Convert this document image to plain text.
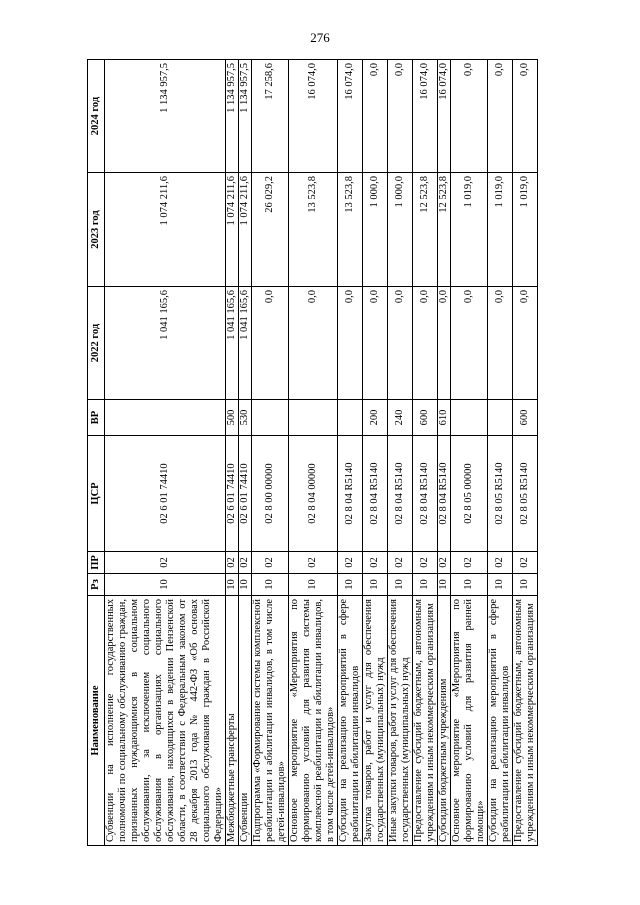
276
Наименование	Рз	ПР	ЦСР	ВР	2022 год	2023 год	2024 год
Субвенции на исполнение государственных полномочий по социальному обслуживанию граждан, признанных нуждающимися в социальном обслуживании, за исключением социального обслуживания в организациях социального обслуживания, находящихся в ведении Пензенской области, в соответствии с Федеральным законом от 28 декабря 2013 года № 442-ФЗ «Об основах социального обслуживания граждан в Российской Федерации»	10	02	02 6 01 74410		1 041 165,6	1 074 211,6	1 134 957,5
Межбюджетные трансферты	10	02	02 6 01 74410	500	1 041 165,6	1 074 211,6	1 134 957,5
Субвенции	10	02	02 6 01 74410	530	1 041 165,6	1 074 211,6	1 134 957,5
Подпрограмма «Формирование системы комплексной реабилитации и абилитации инвалидов, в том числе детей-инвалидов»	10	02	02 8 00 00000		0,0	26 029,2	17 258,6
Основное мероприятие «Мероприятия по формированию условий для развития системы комплексной реабилитации и абилитации инвалидов, в том числе детей-инвалидов»	10	02	02 8 04 00000		0,0	13 523,8	16 074,0
Субсидии на реализацию мероприятий в сфере реабилитации и абилитации инвалидов	10	02	02 8 04 R5140		0,0	13 523,8	16 074,0
Закупка товаров, работ и услуг для обеспечения государственных (муниципальных) нужд	10	02	02 8 04 R5140	200	0,0	1 000,0	0,0
Иные закупки товаров, работ и услуг для обеспечения государственных (муниципальных) нужд	10	02	02 8 04 R5140	240	0,0	1 000,0	0,0
Предоставление субсидий бюджетным, автономным учреждениям и иным некоммерческим организациям	10	02	02 8 04 R5140	600	0,0	12 523,8	16 074,0
Субсидии бюджетным учреждениям	10	02	02 8 04 R5140	610	0,0	12 523,8	16 074,0
Основное мероприятие «Мероприятия по формированию условий для развития ранней помощи»	10	02	02 8 05 00000		0,0	1 019,0	0,0
Субсидии на реализацию мероприятий в сфере реабилитации и абилитации инвалидов	10	02	02 8 05 R5140		0,0	1 019,0	0,0
Предоставление субсидий бюджетным, автономным учреждениям и иным некоммерческим организациям	10	02	02 8 05 R5140	600	0,0	1 019,0	0,0
